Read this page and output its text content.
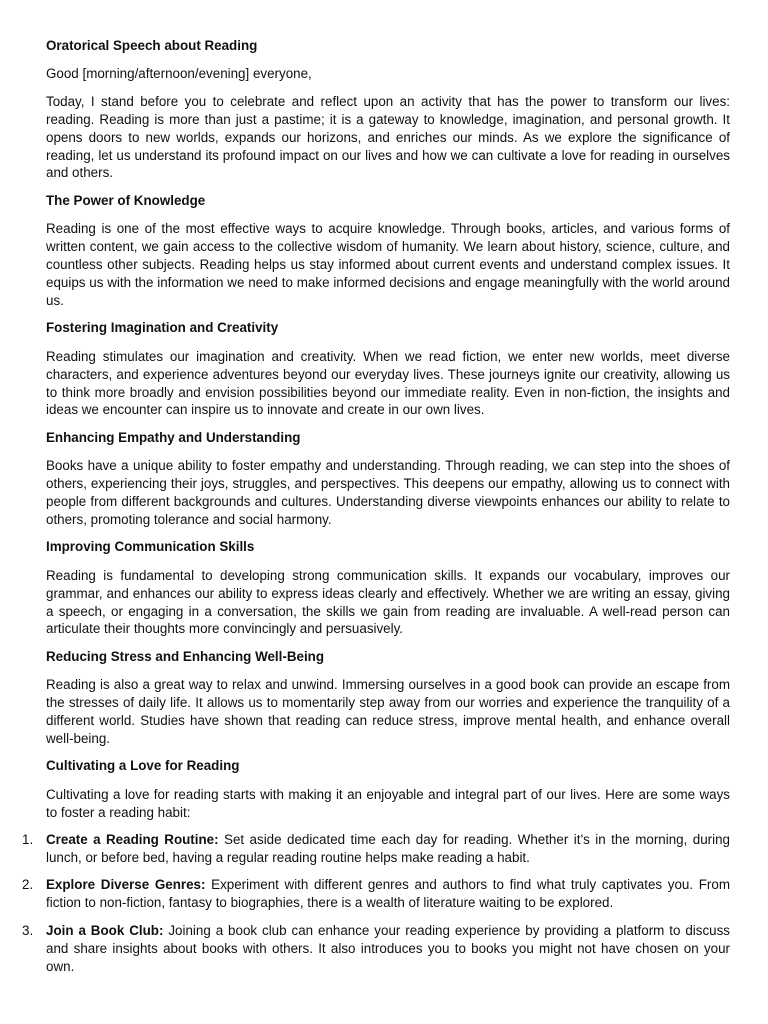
Oratorical Speech about Reading
Good [morning/afternoon/evening] everyone,
Today, I stand before you to celebrate and reflect upon an activity that has the power to transform our lives: reading. Reading is more than just a pastime; it is a gateway to knowledge, imagination, and personal growth. It opens doors to new worlds, expands our horizons, and enriches our minds. As we explore the significance of reading, let us understand its profound impact on our lives and how we can cultivate a love for reading in ourselves and others.
The Power of Knowledge
Reading is one of the most effective ways to acquire knowledge. Through books, articles, and various forms of written content, we gain access to the collective wisdom of humanity. We learn about history, science, culture, and countless other subjects. Reading helps us stay informed about current events and understand complex issues. It equips us with the information we need to make informed decisions and engage meaningfully with the world around us.
Fostering Imagination and Creativity
Reading stimulates our imagination and creativity. When we read fiction, we enter new worlds, meet diverse characters, and experience adventures beyond our everyday lives. These journeys ignite our creativity, allowing us to think more broadly and envision possibilities beyond our immediate reality. Even in non-fiction, the insights and ideas we encounter can inspire us to innovate and create in our own lives.
Enhancing Empathy and Understanding
Books have a unique ability to foster empathy and understanding. Through reading, we can step into the shoes of others, experiencing their joys, struggles, and perspectives. This deepens our empathy, allowing us to connect with people from different backgrounds and cultures. Understanding diverse viewpoints enhances our ability to relate to others, promoting tolerance and social harmony.
Improving Communication Skills
Reading is fundamental to developing strong communication skills. It expands our vocabulary, improves our grammar, and enhances our ability to express ideas clearly and effectively. Whether we are writing an essay, giving a speech, or engaging in a conversation, the skills we gain from reading are invaluable. A well-read person can articulate their thoughts more convincingly and persuasively.
Reducing Stress and Enhancing Well-Being
Reading is also a great way to relax and unwind. Immersing ourselves in a good book can provide an escape from the stresses of daily life. It allows us to momentarily step away from our worries and experience the tranquility of a different world. Studies have shown that reading can reduce stress, improve mental health, and enhance overall well-being.
Cultivating a Love for Reading
Cultivating a love for reading starts with making it an enjoyable and integral part of our lives. Here are some ways to foster a reading habit:
1. Create a Reading Routine: Set aside dedicated time each day for reading. Whether it’s in the morning, during lunch, or before bed, having a regular reading routine helps make reading a habit.
2. Explore Diverse Genres: Experiment with different genres and authors to find what truly captivates you. From fiction to non-fiction, fantasy to biographies, there is a wealth of literature waiting to be explored.
3. Join a Book Club: Joining a book club can enhance your reading experience by providing a platform to discuss and share insights about books with others. It also introduces you to books you might not have chosen on your own.
